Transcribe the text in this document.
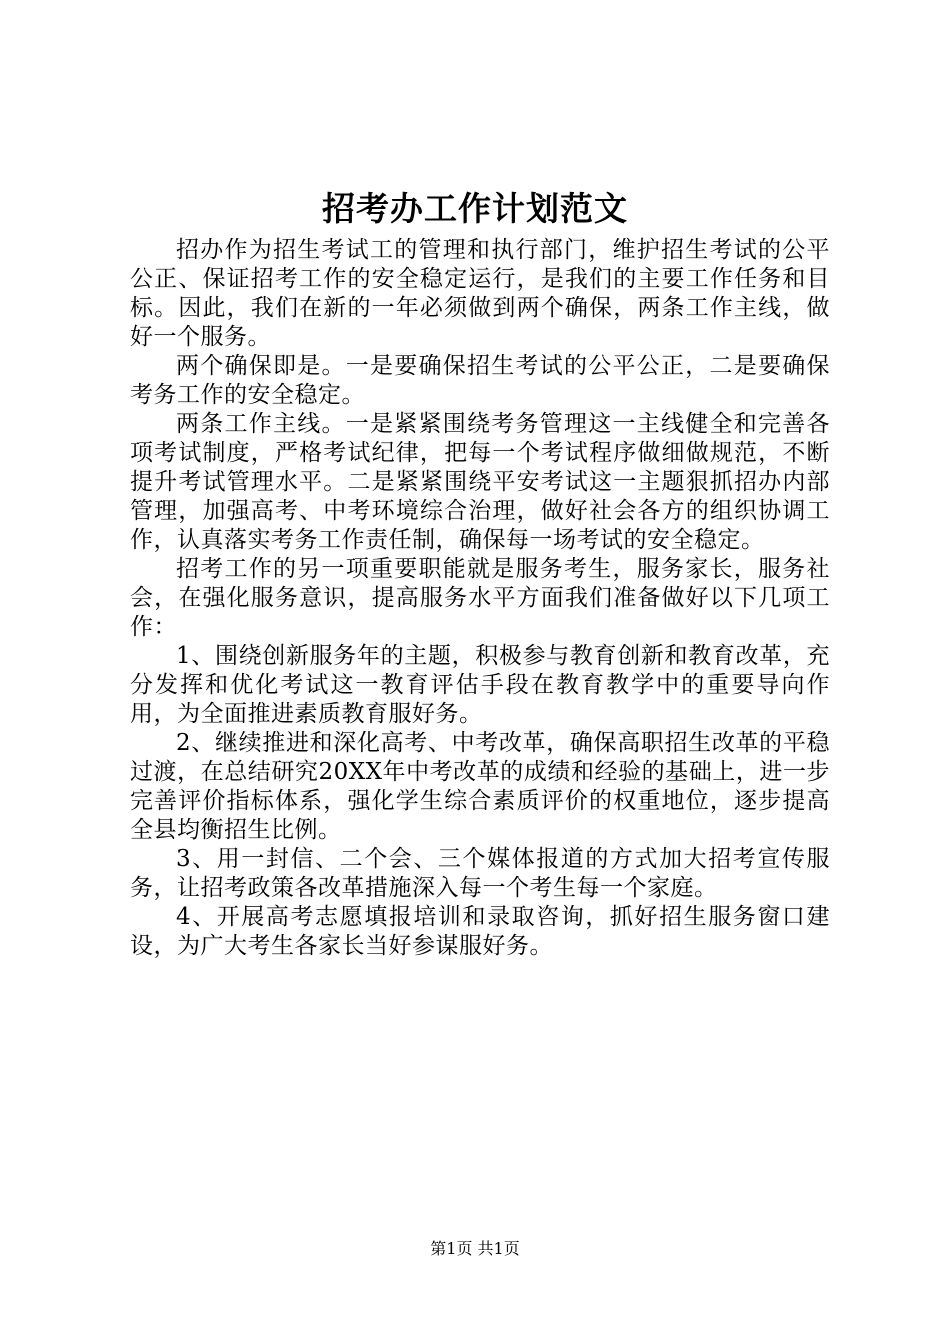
招考办工作计划范文

招办作为招生考试工的管理和执行部门，维护招生考试的公平公正、保证招考工作的安全稳定运行，是我们的主要工作任务和目标。因此，我们在新的一年必须做到两个确保，两条工作主线，做好一个服务。

两个确保即是。一是要确保招生考试的公平公正，二是要确保考务工作的安全稳定。

两条工作主线。一是紧紧围绕考务管理这一主线健全和完善各项考试制度，严格考试纪律，把每一个考试程序做细做规范，不断提升考试管理水平。二是紧紧围绕平安考试这一主题狠抓招办内部管理，加强高考、中考环境综合治理，做好社会各方的组织协调工作，认真落实考务工作责任制，确保每一场考试的安全稳定。

招考工作的另一项重要职能就是服务考生，服务家长，服务社会，在强化服务意识，提高服务水平方面我们准备做好以下几项工作：

1、围绕创新服务年的主题，积极参与教育创新和教育改革，充分发挥和优化考试这一教育评估手段在教育教学中的重要导向作用，为全面推进素质教育服好务。

2、继续推进和深化高考、中考改革，确保高职招生改革的平稳过渡，在总结研究20XX年中考改革的成绩和经验的基础上，进一步完善评价指标体系，强化学生综合素质评价的权重地位，逐步提高全县均衡招生比例。

3、用一封信、二个会、三个媒体报道的方式加大招考宣传服务，让招考政策各改革措施深入每一个考生每一个家庭。

4、开展高考志愿填报培训和录取咨询，抓好招生服务窗口建设，为广大考生各家长当好参谋服好务。

第1页 共1页
